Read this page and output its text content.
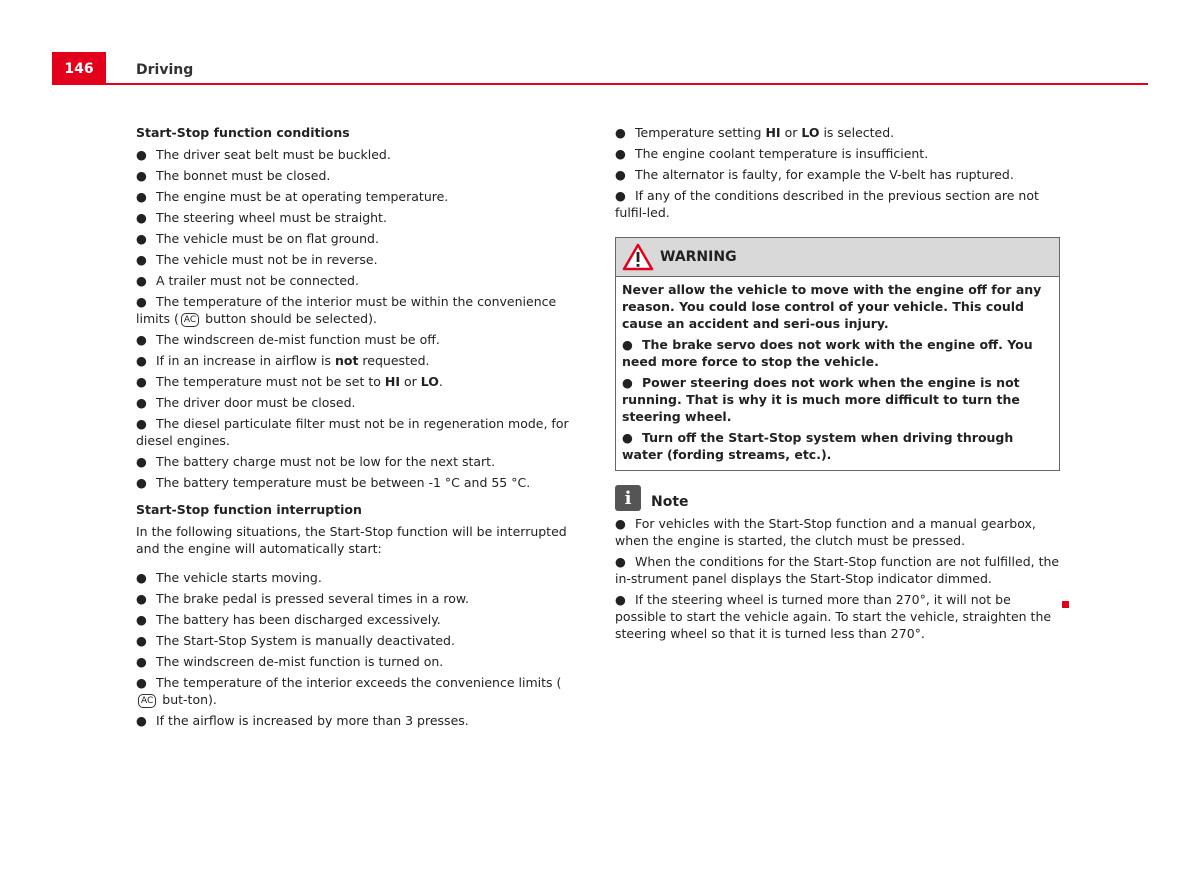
146	Driving
Start-Stop function conditions
● The driver seat belt must be buckled.
● The bonnet must be closed.
● The engine must be at operating temperature.
● The steering wheel must be straight.
● The vehicle must be on flat ground.
● The vehicle must not be in reverse.
● A trailer must not be connected.
● The temperature of the interior must be within the convenience limits ( AC button should be selected).
● The windscreen de-mist function must be off.
● If in an increase in airflow is not requested.
● The temperature must not be set to HI or LO.
● The driver door must be closed.
● The diesel particulate filter must not be in regeneration mode, for diesel engines.
● The battery charge must not be low for the next start.
● The battery temperature must be between -1 °C and 55 °C.
Start-Stop function interruption

In the following situations, the Start-Stop function will be interrupted and the engine will automatically start:

● The vehicle starts moving.
● The brake pedal is pressed several times in a row.
● The battery has been discharged excessively.
● The Start-Stop System is manually deactivated.
● The windscreen de-mist function is turned on.
● The temperature of the interior exceeds the convenience limits (AC but-ton).
● If the airflow is increased by more than 3 presses.
● Temperature setting HI or LO is selected.
● The engine coolant temperature is insufficient.
● The alternator is faulty, for example the V-belt has ruptured.
● If any of the conditions described in the previous section are not fulfil-led.
WARNING

Never allow the vehicle to move with the engine off for any reason. You could lose control of your vehicle. This could cause an accident and seri-ous injury.

● The brake servo does not work with the engine off. You need more force to stop the vehicle.

● Power steering does not work when the engine is not running. That is why it is much more difficult to turn the steering wheel.

● Turn off the Start-Stop system when driving through water (fording streams, etc.).

i	Note
● For vehicles with the Start-Stop function and a manual gearbox, when the engine is started, the clutch must be pressed.
● When the conditions for the Start-Stop function are not fulfilled, the in-strument panel displays the Start-Stop indicator dimmed.
● If the steering wheel is turned more than 270°, it will not be possible to start the vehicle again. To start the vehicle, straighten the steering wheel so that it is turned less than 270°.
